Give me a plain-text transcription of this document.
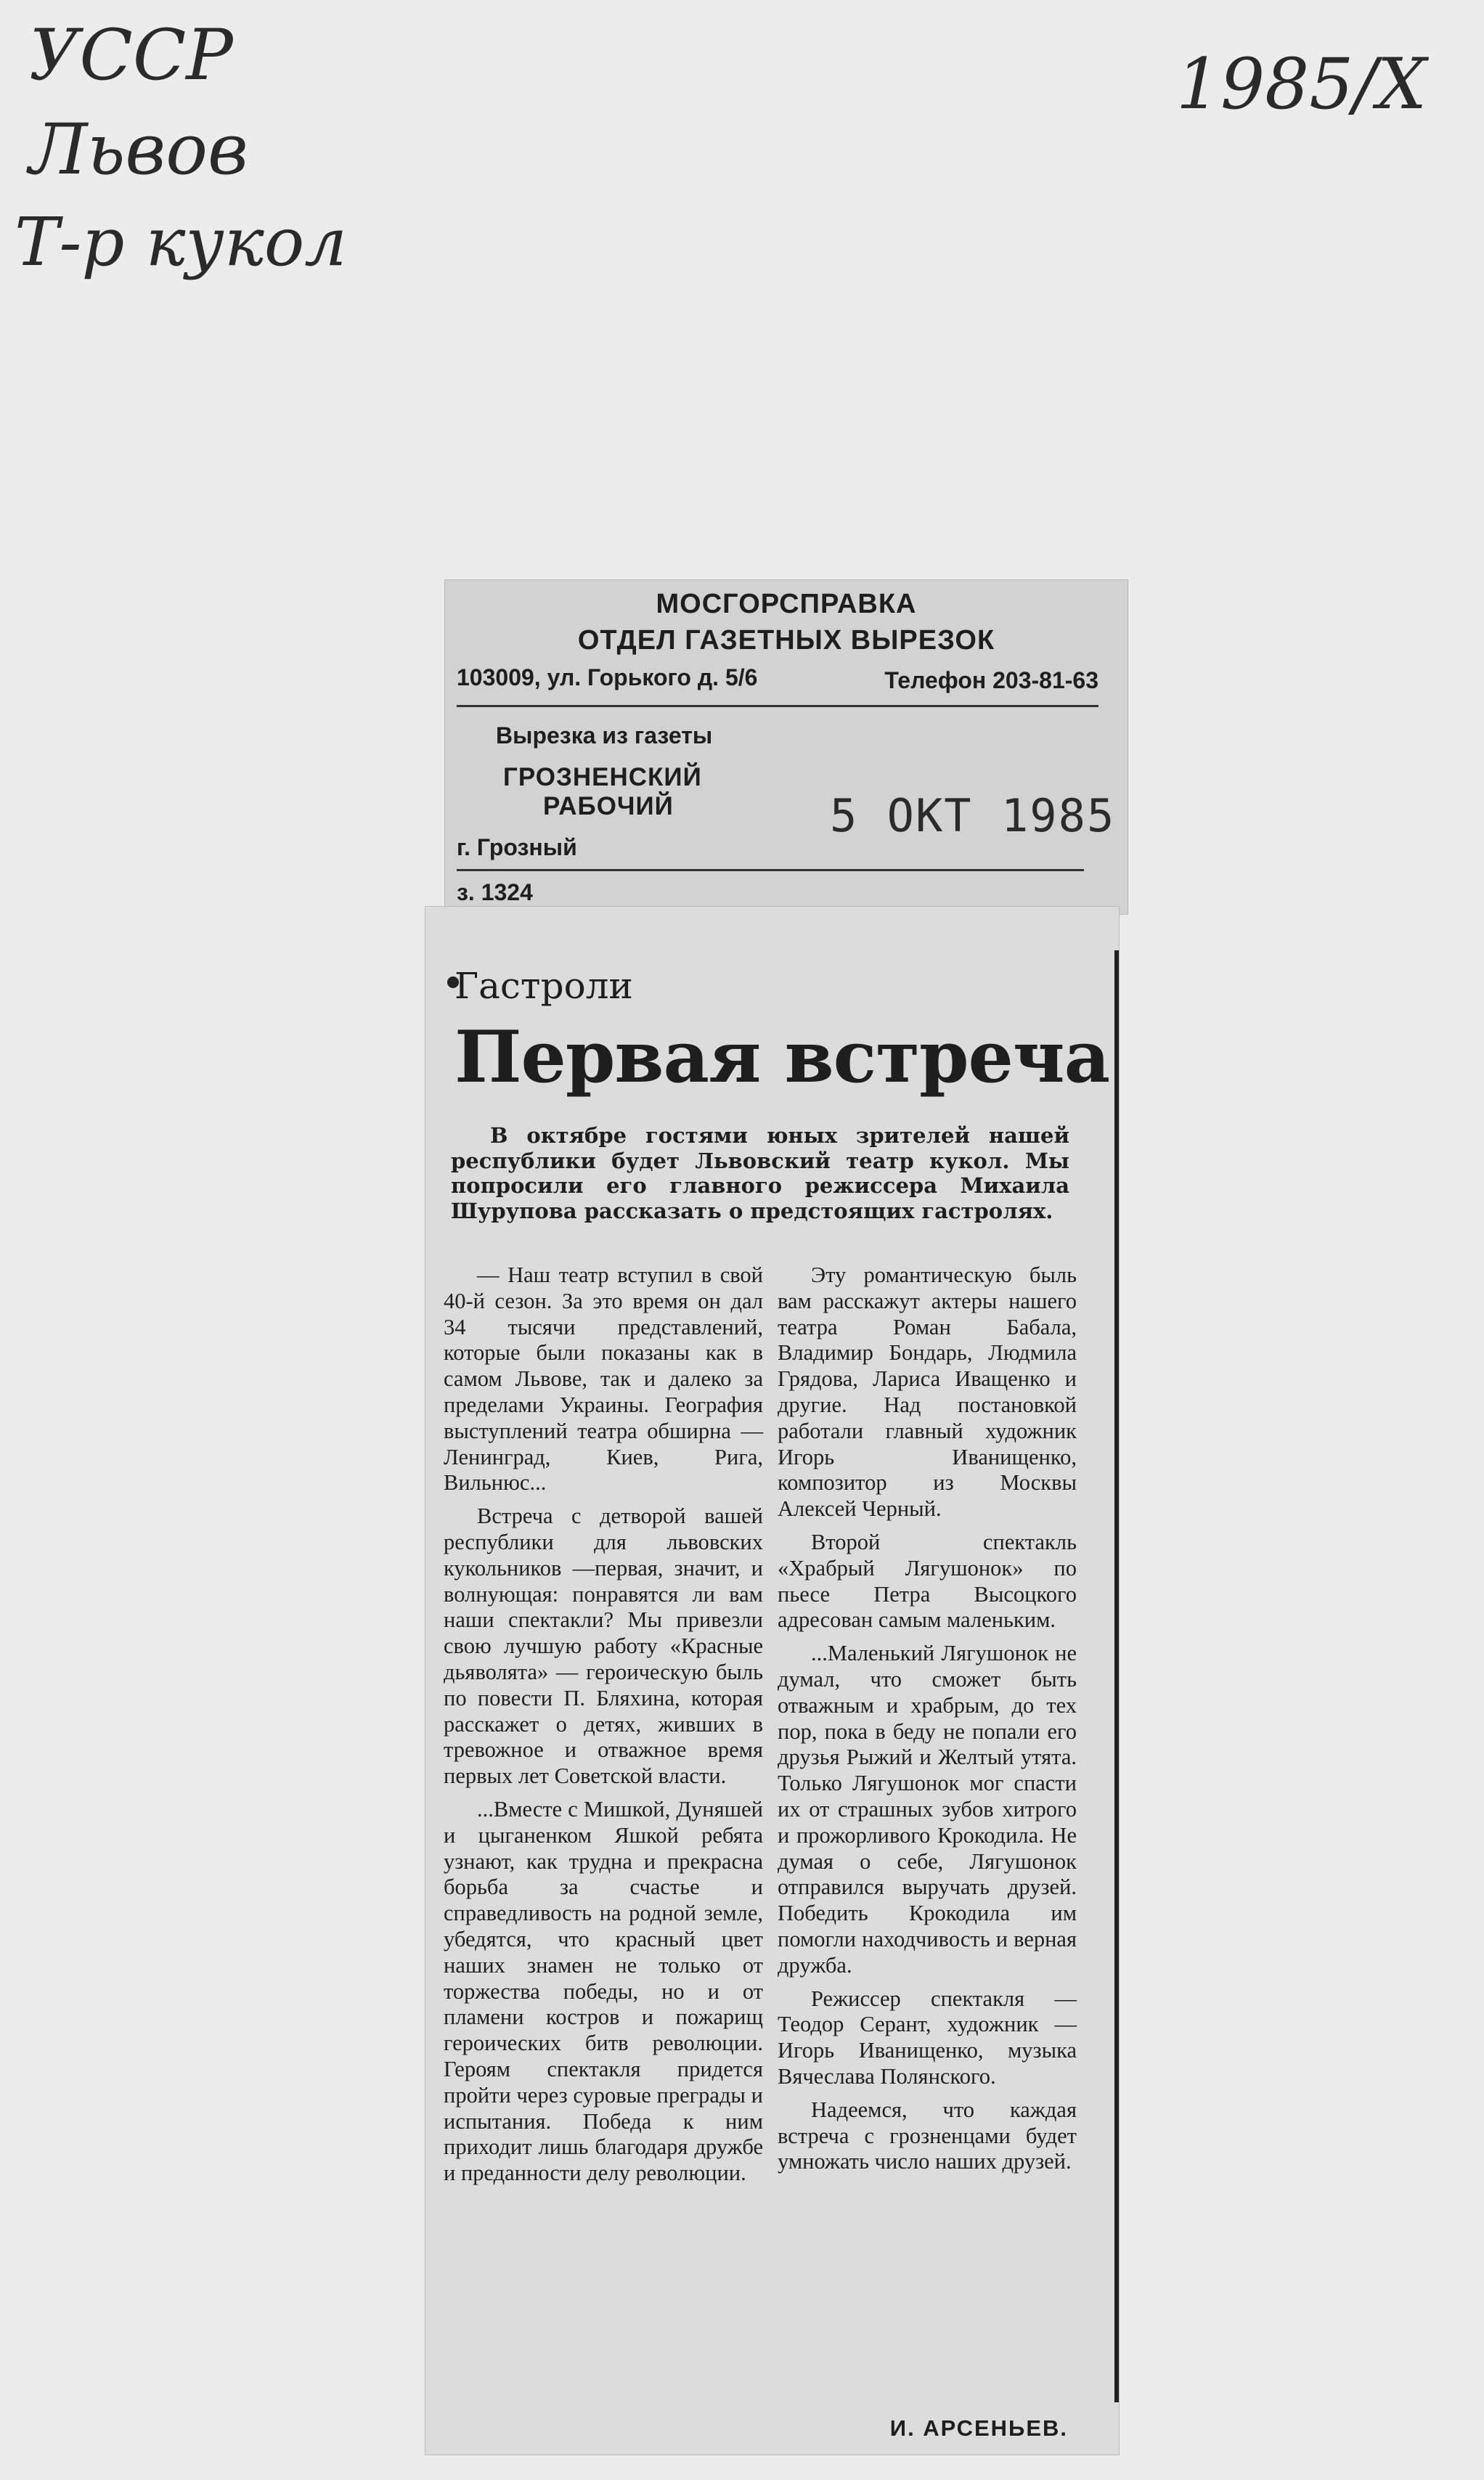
УССР
Львов
Т-р кукол
1985/X
МОСГОРСПРАВКА
ОТДЕЛ ГАЗЕТНЫХ ВЫРЕЗОК
103009, ул. Горького д. 5/6	Телефон 203-81-63
Вырезка из газеты
ГРОЗНЕНСКИЙ
РАБОЧИЙ	5 ОКТ 1985
г. Грозный
з. 1324
Гастроли
Первая встреча
В октябре гостями юных зрителей нашей республики будет Львовский театр кукол. Мы попросили его главного режиссера Михаила Шурупова рассказать о предстоящих гастролях.

— Наш театр вступил в свой 40-й сезон. За это время он дал 34 тысячи представлений, которые были показаны как в самом Львове, так и далеко за пределами Украины. География выступлений театра обширна — Ленинград, Киев, Рига, Вильнюс...

Встреча с детворой вашей республики для львовских кукольников —первая, значит, и волнующая: понравятся ли вам наши спектакли? Мы привезли свою лучшую работу «Красные дьяволята» — героическую быль по повести П. Бляхина, которая расскажет о детях, живших в тревожное и отважное время первых лет Советской власти.

...Вместе с Мишкой, Дуняшей и цыганенком Яшкой ребята узнают, как трудна и прекрасна борьба за счастье и справедливость на родной земле, убедятся, что красный цвет наших знамен не только от торжества победы, но и от пламени костров и пожарищ героических битв революции. Героям спектакля придется пройти через суровые преграды и испытания. Победа к ним приходит лишь благодаря дружбе и преданности делу революции.

Эту романтическую быль вам расскажут актеры нашего театра Роман Бабала, Владимир Бондарь, Людмила Грядова, Лариса Иващенко и другие. Над постановкой работали главный художник Игорь Иванищенко, композитор из Москвы Алексей Черный.

Второй спектакль «Храбрый Лягушонок» по пьесе Петра Высоцкого адресован самым маленьким.

...Маленький Лягушонок не думал, что сможет быть отважным и храбрым, до тех пор, пока в беду не попали его друзья Рыжий и Желтый утята. Только Лягушонок мог спасти их от страшных зубов хитрого и прожорливого Крокодила. Не думая о себе, Лягушонок отправился выручать друзей. Победить Крокодила им помогли находчивость и верная дружба.

Режиссер спектакля — Теодор Серант, художник — Игорь Иванищенко, музыка Вячеслава Полянского.

Надеемся, что каждая встреча с грозненцами будет умножать число наших друзей.

И. АРСЕНЬЕВ.
